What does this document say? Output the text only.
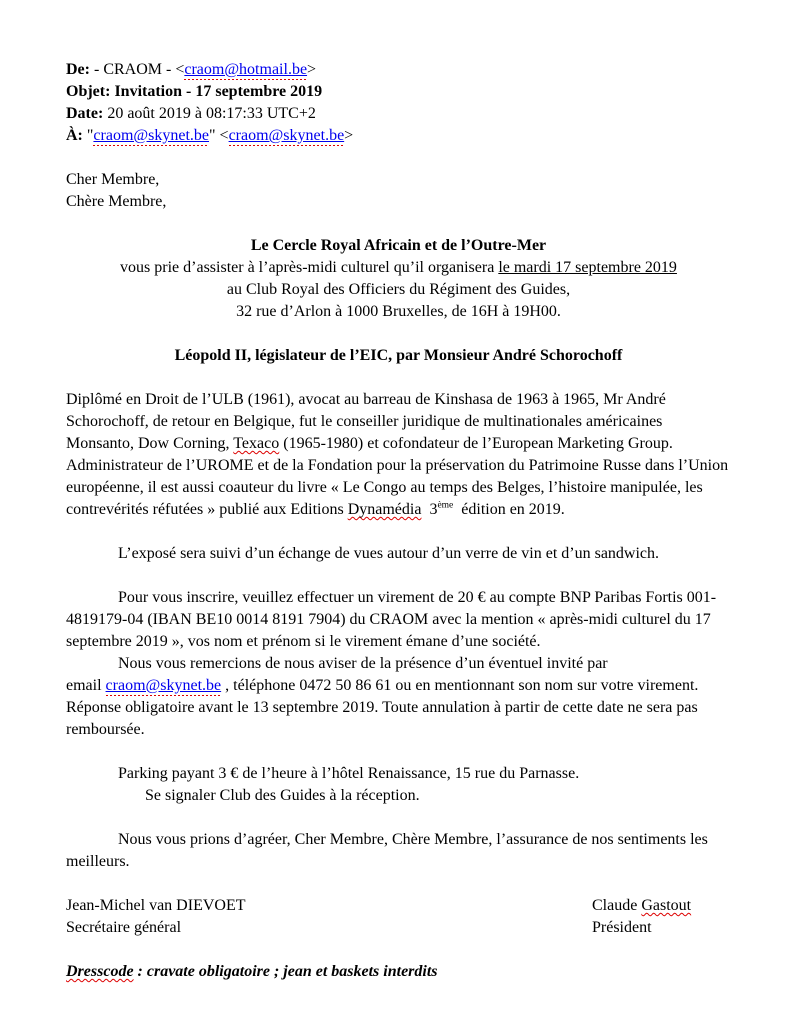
De: - CRAOM - <craom@hotmail.be>

Objet: Invitation - 17 septembre 2019

Date: 20 août 2019 à 08:17:33 UTC+2

À: "craom@skynet.be" <craom@skynet.be>

Cher Membre,

Chère Membre,

Le Cercle Royal Africain et de l’Outre-Mer

vous prie d’assister à l’après-midi culturel qu’il organisera le mardi 17 septembre 2019

au Club Royal des Officiers du Régiment des Guides,

32 rue d’Arlon à 1000 Bruxelles, de 16H à 19H00.

Léopold II, législateur de l’EIC, par Monsieur André Schorochoff

Diplômé en Droit de l’ULB (1961), avocat au barreau de Kinshasa de 1963 à 1965, Mr André Schorochoff, de retour en Belgique, fut le conseiller juridique de multinationales américaines Monsanto, Dow Corning, Texaco (1965-1980) et cofondateur de l’European Marketing Group. Administrateur de l’UROME et de la Fondation pour la préservation du Patrimoine Russe dans l’Union européenne, il est aussi coauteur du livre « Le Congo au temps des Belges, l’histoire manipulée, les contrevérités réfutées » publié aux Editions Dynamédia  3ème  édition en 2019.

L’exposé sera suivi d’un échange de vues autour d’un verre de vin et d’un sandwich.

Pour vous inscrire, veuillez effectuer un virement de 20 € au compte BNP Paribas Fortis 001-4819179-04 (IBAN BE10 0014 8191 7904) du CRAOM avec la mention « après-midi culturel du 17 septembre 2019 », vos nom et prénom si le virement émane d’une société.

Nous vous remercions de nous aviser de la présence d’un éventuel invité par
email craom@skynet.be , téléphone 0472 50 86 61 ou en mentionnant son nom sur votre virement. Réponse obligatoire avant le 13 septembre 2019. Toute annulation à partir de cette date ne sera pas remboursée.

Parking payant 3 € de l’heure à l’hôtel Renaissance, 15 rue du Parnasse.

Se signaler Club des Guides à la réception.

Nous vous prions d’agréer, Cher Membre, Chère Membre, l’assurance de nos sentiments les meilleurs.

Jean-Michel van DIEVOET

Secrétaire général

Claude Gastout

Président

Dresscode : cravate obligatoire ; jean et baskets interdits
